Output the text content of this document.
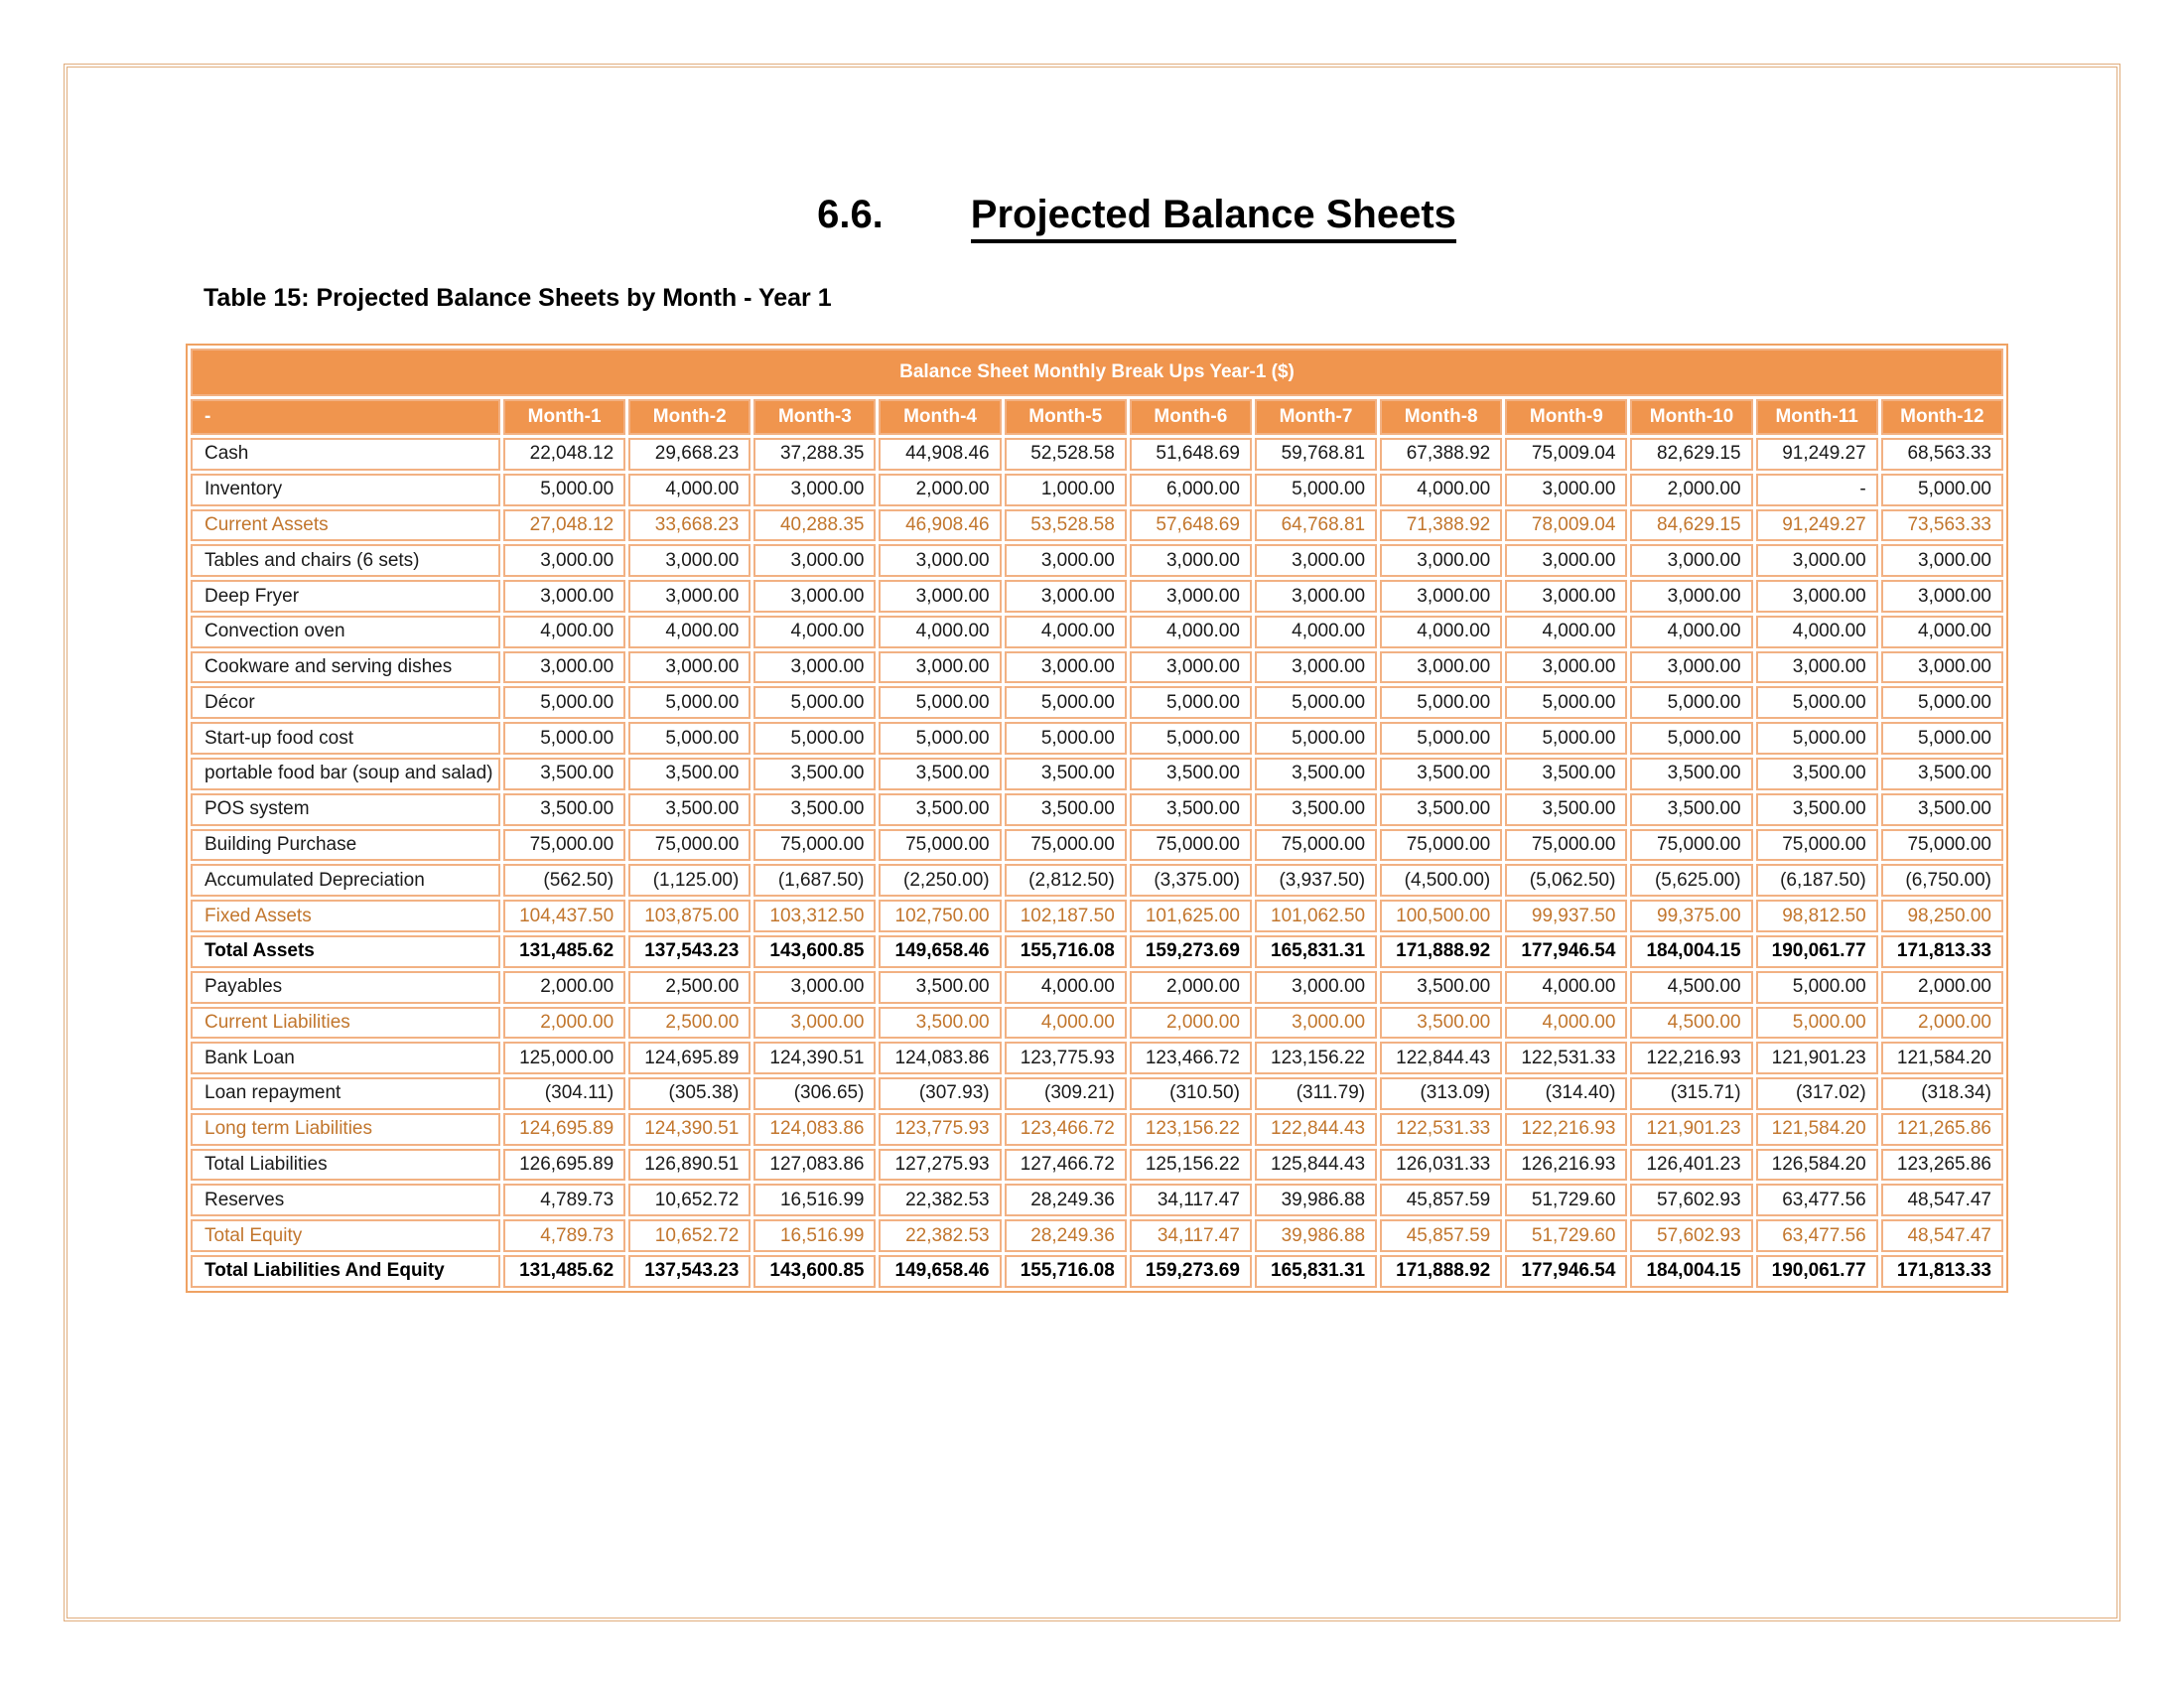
6.6. Projected Balance Sheets
Table 15: Projected Balance Sheets by Month - Year 1
Balance Sheet Monthly Break Ups Year-1 ($)												
-	Month-1	Month-2	Month-3	Month-4	Month-5	Month-6	Month-7	Month-8	Month-9	Month-10	Month-11	Month-12
Cash	22,048.12	29,668.23	37,288.35	44,908.46	52,528.58	51,648.69	59,768.81	67,388.92	75,009.04	82,629.15	91,249.27	68,563.33
Inventory	5,000.00	4,000.00	3,000.00	2,000.00	1,000.00	6,000.00	5,000.00	4,000.00	3,000.00	2,000.00	-	5,000.00
Current Assets	27,048.12	33,668.23	40,288.35	46,908.46	53,528.58	57,648.69	64,768.81	71,388.92	78,009.04	84,629.15	91,249.27	73,563.33
Tables and chairs (6 sets)	3,000.00	3,000.00	3,000.00	3,000.00	3,000.00	3,000.00	3,000.00	3,000.00	3,000.00	3,000.00	3,000.00	3,000.00
Deep Fryer	3,000.00	3,000.00	3,000.00	3,000.00	3,000.00	3,000.00	3,000.00	3,000.00	3,000.00	3,000.00	3,000.00	3,000.00
Convection oven	4,000.00	4,000.00	4,000.00	4,000.00	4,000.00	4,000.00	4,000.00	4,000.00	4,000.00	4,000.00	4,000.00	4,000.00
Cookware and serving dishes	3,000.00	3,000.00	3,000.00	3,000.00	3,000.00	3,000.00	3,000.00	3,000.00	3,000.00	3,000.00	3,000.00	3,000.00
Décor	5,000.00	5,000.00	5,000.00	5,000.00	5,000.00	5,000.00	5,000.00	5,000.00	5,000.00	5,000.00	5,000.00	5,000.00
Start-up food cost	5,000.00	5,000.00	5,000.00	5,000.00	5,000.00	5,000.00	5,000.00	5,000.00	5,000.00	5,000.00	5,000.00	5,000.00
portable food bar (soup and salad)	3,500.00	3,500.00	3,500.00	3,500.00	3,500.00	3,500.00	3,500.00	3,500.00	3,500.00	3,500.00	3,500.00	3,500.00
POS system	3,500.00	3,500.00	3,500.00	3,500.00	3,500.00	3,500.00	3,500.00	3,500.00	3,500.00	3,500.00	3,500.00	3,500.00
Building Purchase	75,000.00	75,000.00	75,000.00	75,000.00	75,000.00	75,000.00	75,000.00	75,000.00	75,000.00	75,000.00	75,000.00	75,000.00
Accumulated Depreciation	(562.50)	(1,125.00)	(1,687.50)	(2,250.00)	(2,812.50)	(3,375.00)	(3,937.50)	(4,500.00)	(5,062.50)	(5,625.00)	(6,187.50)	(6,750.00)
Fixed Assets	104,437.50	103,875.00	103,312.50	102,750.00	102,187.50	101,625.00	101,062.50	100,500.00	99,937.50	99,375.00	98,812.50	98,250.00
Total Assets	131,485.62	137,543.23	143,600.85	149,658.46	155,716.08	159,273.69	165,831.31	171,888.92	177,946.54	184,004.15	190,061.77	171,813.33
Payables	2,000.00	2,500.00	3,000.00	3,500.00	4,000.00	2,000.00	3,000.00	3,500.00	4,000.00	4,500.00	5,000.00	2,000.00
Current Liabilities	2,000.00	2,500.00	3,000.00	3,500.00	4,000.00	2,000.00	3,000.00	3,500.00	4,000.00	4,500.00	5,000.00	2,000.00
Bank Loan	125,000.00	124,695.89	124,390.51	124,083.86	123,775.93	123,466.72	123,156.22	122,844.43	122,531.33	122,216.93	121,901.23	121,584.20
Loan repayment	(304.11)	(305.38)	(306.65)	(307.93)	(309.21)	(310.50)	(311.79)	(313.09)	(314.40)	(315.71)	(317.02)	(318.34)
Long term Liabilities	124,695.89	124,390.51	124,083.86	123,775.93	123,466.72	123,156.22	122,844.43	122,531.33	122,216.93	121,901.23	121,584.20	121,265.86
Total Liabilities	126,695.89	126,890.51	127,083.86	127,275.93	127,466.72	125,156.22	125,844.43	126,031.33	126,216.93	126,401.23	126,584.20	123,265.86
Reserves	4,789.73	10,652.72	16,516.99	22,382.53	28,249.36	34,117.47	39,986.88	45,857.59	51,729.60	57,602.93	63,477.56	48,547.47
Total Equity	4,789.73	10,652.72	16,516.99	22,382.53	28,249.36	34,117.47	39,986.88	45,857.59	51,729.60	57,602.93	63,477.56	48,547.47
Total Liabilities And Equity	131,485.62	137,543.23	143,600.85	149,658.46	155,716.08	159,273.69	165,831.31	171,888.92	177,946.54	184,004.15	190,061.77	171,813.33
